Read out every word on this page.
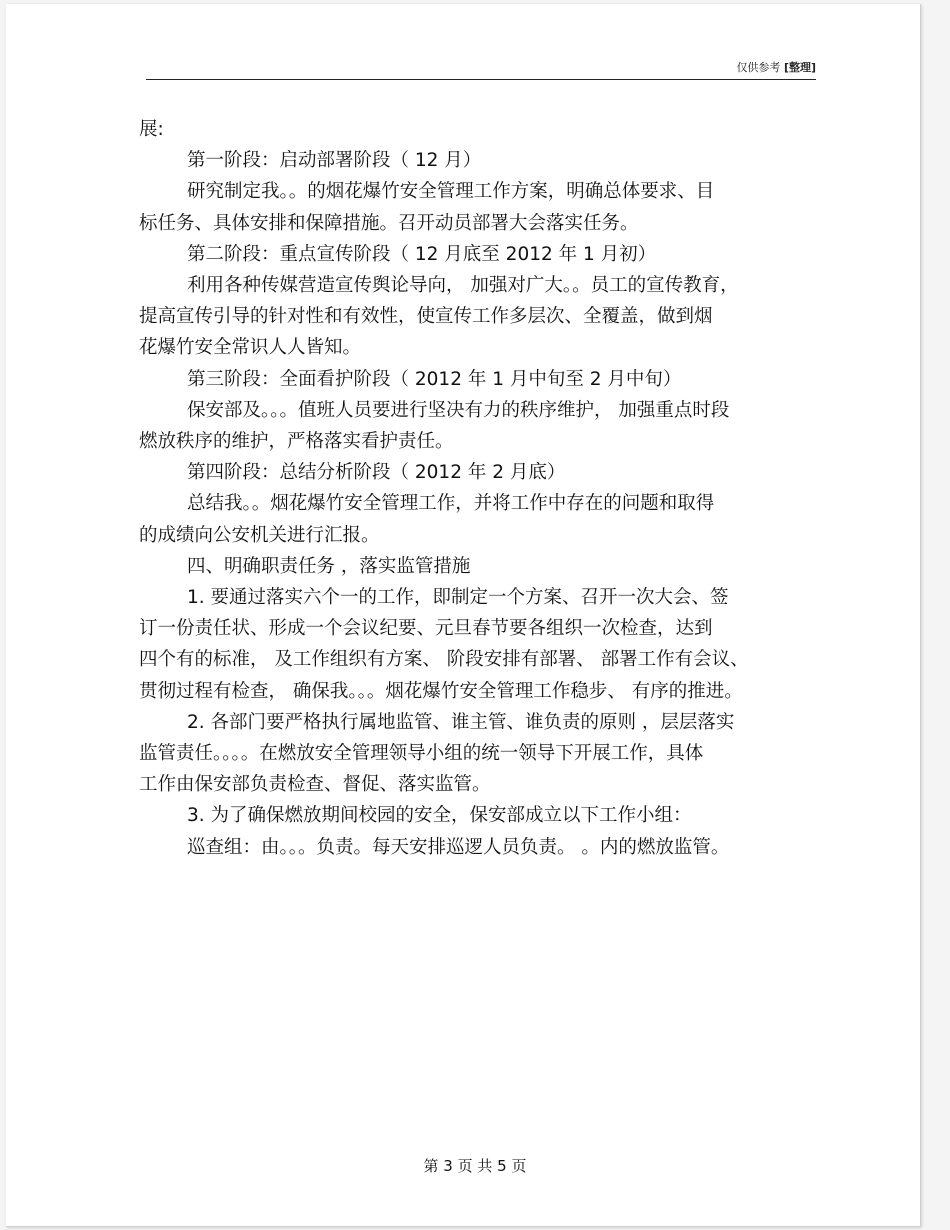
仅供参考 [整理]

展:

第一阶段：启动部署阶段（ 12 月）

研究制定我。。的烟花爆竹安全管理工作方案，明确总体要求、目

标任务、具体安排和保障措施。召开动员部署大会落实任务。

第二阶段：重点宣传阶段（ 12 月底至 2012 年 1 月初）

利用各种传媒营造宣传舆论导向， 加强对广大。。员工的宣传教育，

提高宣传引导的针对性和有效性，使宣传工作多层次、全覆盖，做到烟

花爆竹安全常识人人皆知。

第三阶段：全面看护阶段（ 2012 年 1 月中旬至 2 月中旬）

保安部及。。。值班人员要进行坚决有力的秩序维护， 加强重点时段

燃放秩序的维护，严格落实看护责任。

第四阶段：总结分析阶段（ 2012 年 2 月底）

总结我。。烟花爆竹安全管理工作，并将工作中存在的问题和取得

的成绩向公安机关进行汇报。

四、明确职责任务 ，落实监管措施

1. 要通过落实六个一的工作，即制定一个方案、召开一次大会、签

订一份责任状、形成一个会议纪要、元旦春节要各组织一次检查，达到

四个有的标准， 及工作组织有方案、 阶段安排有部署、 部署工作有会议、

贯彻过程有检查， 确保我。。。烟花爆竹安全管理工作稳步、 有序的推进。

2. 各部门要严格执行属地监管、谁主管、谁负责的原则 ，层层落实

监管责任。。。。在燃放安全管理领导小组的统一领导下开展工作，具体

工作由保安部负责检查、督促、落实监管。

3. 为了确保燃放期间校园的安全，保安部成立以下工作小组：

巡查组：由。。。负责。每天安排巡逻人员负责。 。内的燃放监管。

第 3 页 共 5 页
